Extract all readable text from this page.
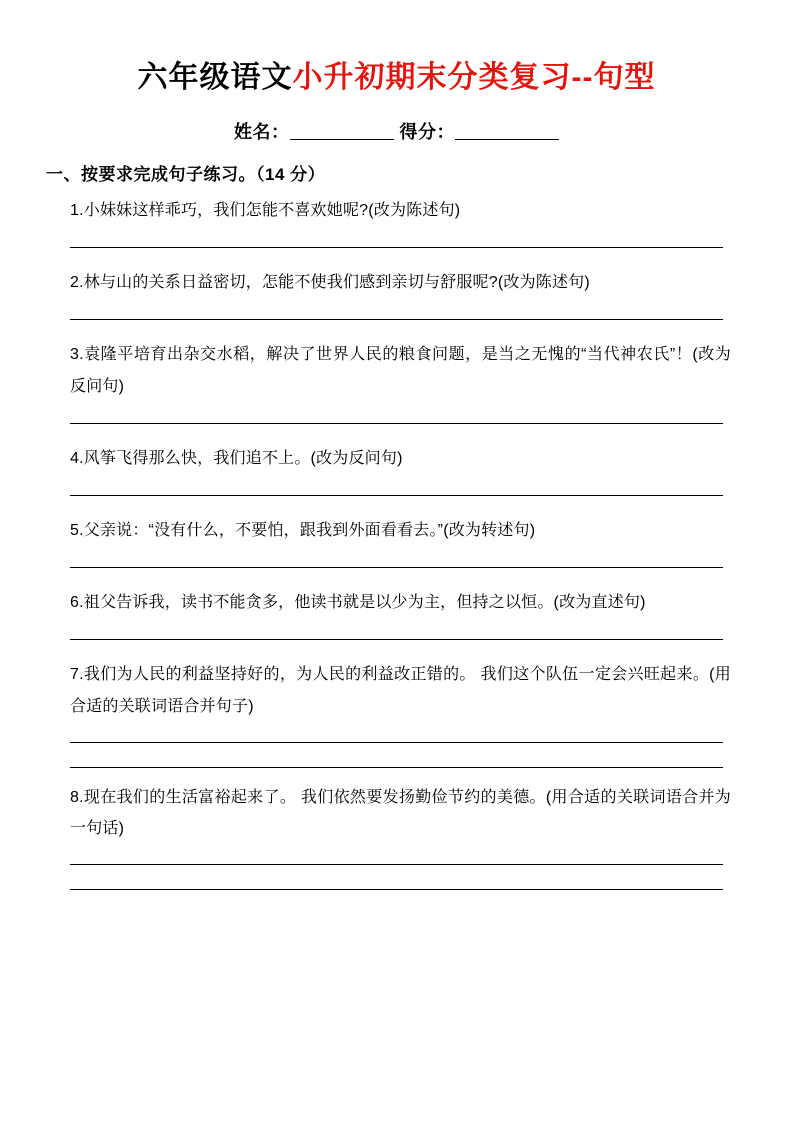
六年级语文小升初期末分类复习--句型
姓名：	得分：
一、按要求完成句子练习。（14 分）
1.小妹妹这样乖巧，我们怎能不喜欢她呢?(改为陈述句)
2.林与山的关系日益密切，怎能不使我们感到亲切与舒服呢?(改为陈述句)
3.袁隆平培育出杂交水稻，解决了世界人民的粮食问题，是当之无愧的“当代神农氏”！(改为反问句)
4.风筝飞得那么快，我们追不上。(改为反问句)
5.父亲说：“没有什么，不要怕，跟我到外面看看去。”(改为转述句)
6.祖父告诉我，读书不能贪多，他读书就是以少为主，但持之以恒。(改为直述句)
7.我们为人民的利益坚持好的，为人民的利益改正错的。 我们这个队伍一定会兴旺起来。(用合适的关联词语合并句子)
8.现在我们的生活富裕起来了。 我们依然要发扬勤俭节约的美德。(用合适的关联词语合并为一句话)
